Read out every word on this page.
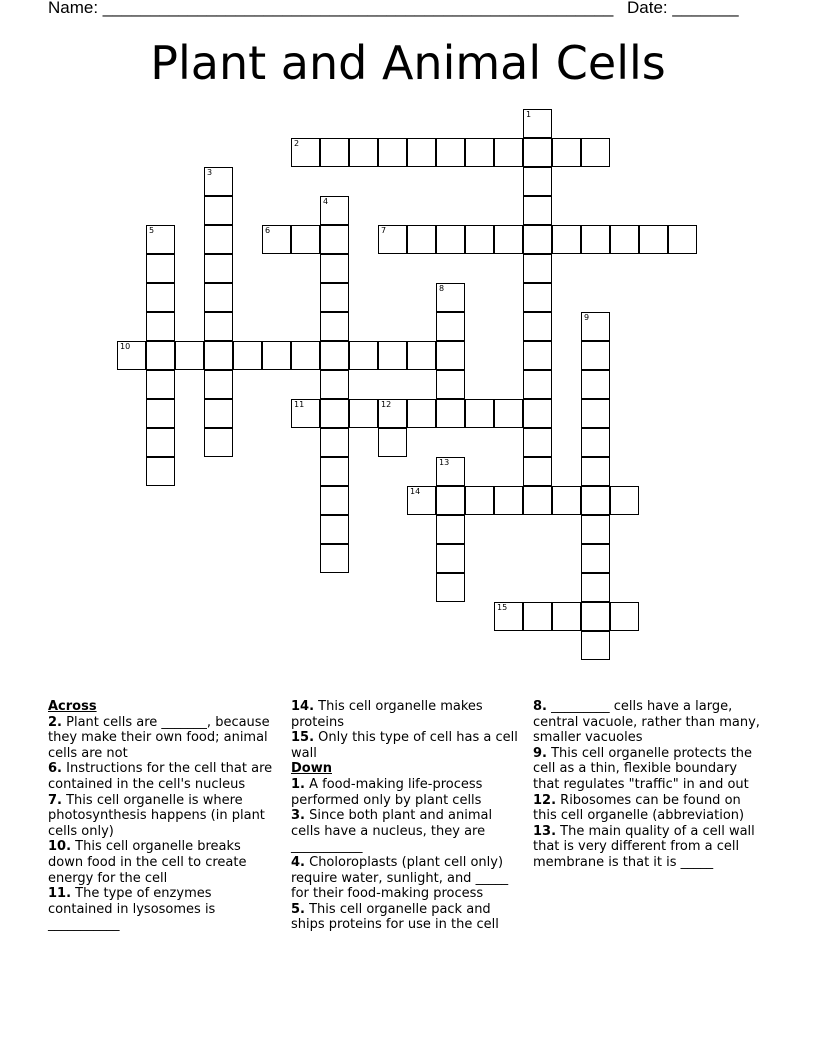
Name: ______________________________________________________ Date: _______
Plant and Animal Cells
1
2
3
4
5	6	7
8
9
10
11	12
13
14
15
Across
2. Plant cells are _______, because they make their own food; animal cells are not
6. Instructions for the cell that are contained in the cell's nucleus
7. This cell organelle is where photosynthesis happens (in plant cells only)
10. This cell organelle breaks down food in the cell to create energy for the cell
11. The type of enzymes contained in lysosomes is ___________
14. This cell organelle makes proteins
15. Only this type of cell has a cell wall
Down
1. A food-making life-process performed only by plant cells
3. Since both plant and animal cells have a nucleus, they are ___________
4. Choloroplasts (plant cell only) require water, sunlight, and _____ for their food-making process
5. This cell organelle pack and ships proteins for use in the cell
8. _________ cells have a large, central vacuole, rather than many, smaller vacuoles
9. This cell organelle protects the cell as a thin, flexible boundary that regulates "traffic" in and out
12. Ribosomes can be found on this cell organelle (abbreviation)
13. The main quality of a cell wall that is very different from a cell membrane is that it is _____
